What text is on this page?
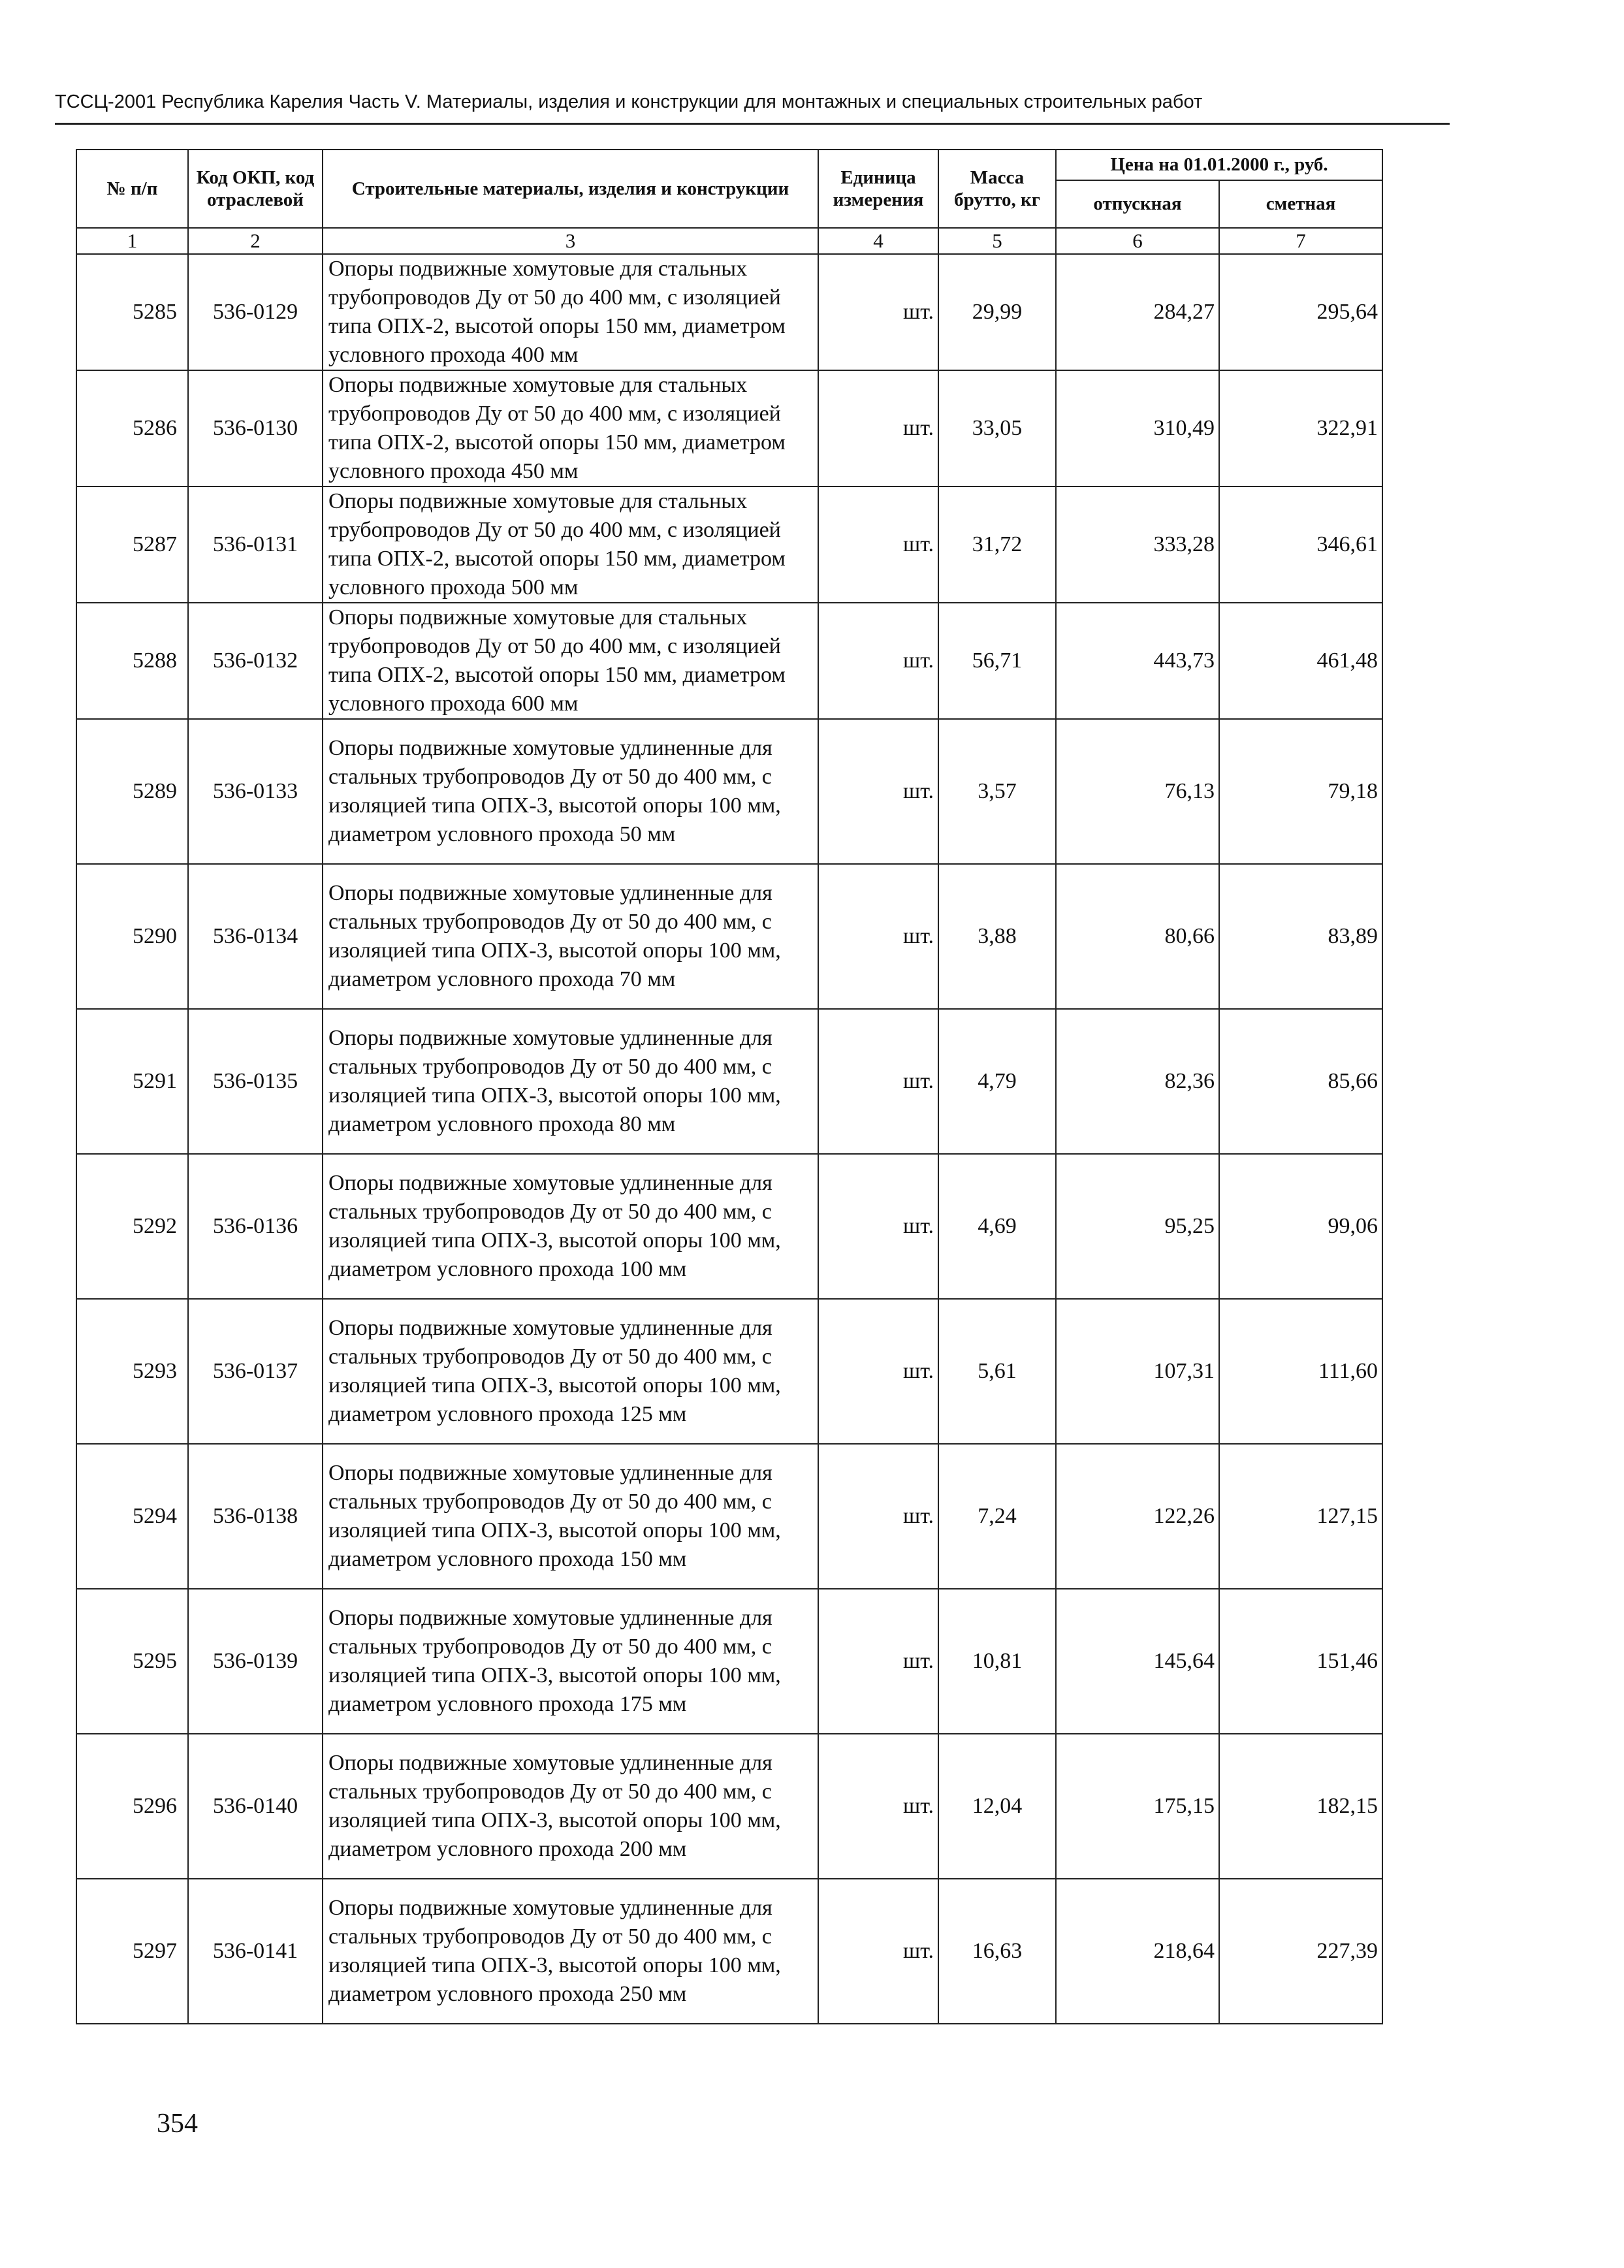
ТССЦ-2001 Республика Карелия Часть V. Материалы, изделия и конструкции для монтажных и специальных строительных работ
№ п/п	Код ОКП, код отраслевой	Строительные материалы, изделия и конструкции	Единица измерения	Масса брутто, кг	Цена на 01.01.2000 г., руб.	
					отпускная	сметная
1	2	3	4	5	6	7
5285	536-0129	Опоры подвижные хомутовые для стальных трубопроводов Ду от 50 до 400 мм, с изоляцией типа ОПХ-2, высотой опоры 150 мм, диаметром условного прохода 400 мм	шт.	29,99	284,27	295,64
5286	536-0130	Опоры подвижные хомутовые для стальных трубопроводов Ду от 50 до 400 мм, с изоляцией типа ОПХ-2, высотой опоры 150 мм, диаметром условного прохода 450 мм	шт.	33,05	310,49	322,91
5287	536-0131	Опоры подвижные хомутовые для стальных трубопроводов Ду от 50 до 400 мм, с изоляцией типа ОПХ-2, высотой опоры 150 мм, диаметром условного прохода 500 мм	шт.	31,72	333,28	346,61
5288	536-0132	Опоры подвижные хомутовые для стальных трубопроводов Ду от 50 до 400 мм, с изоляцией типа ОПХ-2, высотой опоры 150 мм, диаметром условного прохода 600 мм	шт.	56,71	443,73	461,48
5289	536-0133	Опоры подвижные хомутовые удлиненные для стальных трубопроводов Ду от 50 до 400 мм, с изоляцией типа ОПХ-3, высотой опоры 100 мм, диаметром условного прохода 50 мм	шт.	3,57	76,13	79,18
5290	536-0134	Опоры подвижные хомутовые удлиненные для стальных трубопроводов Ду от 50 до 400 мм, с изоляцией типа ОПХ-3, высотой опоры 100 мм, диаметром условного прохода 70 мм	шт.	3,88	80,66	83,89
5291	536-0135	Опоры подвижные хомутовые удлиненные для стальных трубопроводов Ду от 50 до 400 мм, с изоляцией типа ОПХ-3, высотой опоры 100 мм, диаметром условного прохода 80 мм	шт.	4,79	82,36	85,66
5292	536-0136	Опоры подвижные хомутовые удлиненные для стальных трубопроводов Ду от 50 до 400 мм, с изоляцией типа ОПХ-3, высотой опоры 100 мм, диаметром условного прохода 100 мм	шт.	4,69	95,25	99,06
5293	536-0137	Опоры подвижные хомутовые удлиненные для стальных трубопроводов Ду от 50 до 400 мм, с изоляцией типа ОПХ-3, высотой опоры 100 мм, диаметром условного прохода 125 мм	шт.	5,61	107,31	111,60
5294	536-0138	Опоры подвижные хомутовые удлиненные для стальных трубопроводов Ду от 50 до 400 мм, с изоляцией типа ОПХ-3, высотой опоры 100 мм, диаметром условного прохода 150 мм	шт.	7,24	122,26	127,15
5295	536-0139	Опоры подвижные хомутовые удлиненные для стальных трубопроводов Ду от 50 до 400 мм, с изоляцией типа ОПХ-3, высотой опоры 100 мм, диаметром условного прохода 175 мм	шт.	10,81	145,64	151,46
5296	536-0140	Опоры подвижные хомутовые удлиненные для стальных трубопроводов Ду от 50 до 400 мм, с изоляцией типа ОПХ-3, высотой опоры 100 мм, диаметром условного прохода 200 мм	шт.	12,04	175,15	182,15
5297	536-0141	Опоры подвижные хомутовые удлиненные для стальных трубопроводов Ду от 50 до 400 мм, с изоляцией типа ОПХ-3, высотой опоры 100 мм, диаметром условного прохода 250 мм	шт.	16,63	218,64	227,39
354
